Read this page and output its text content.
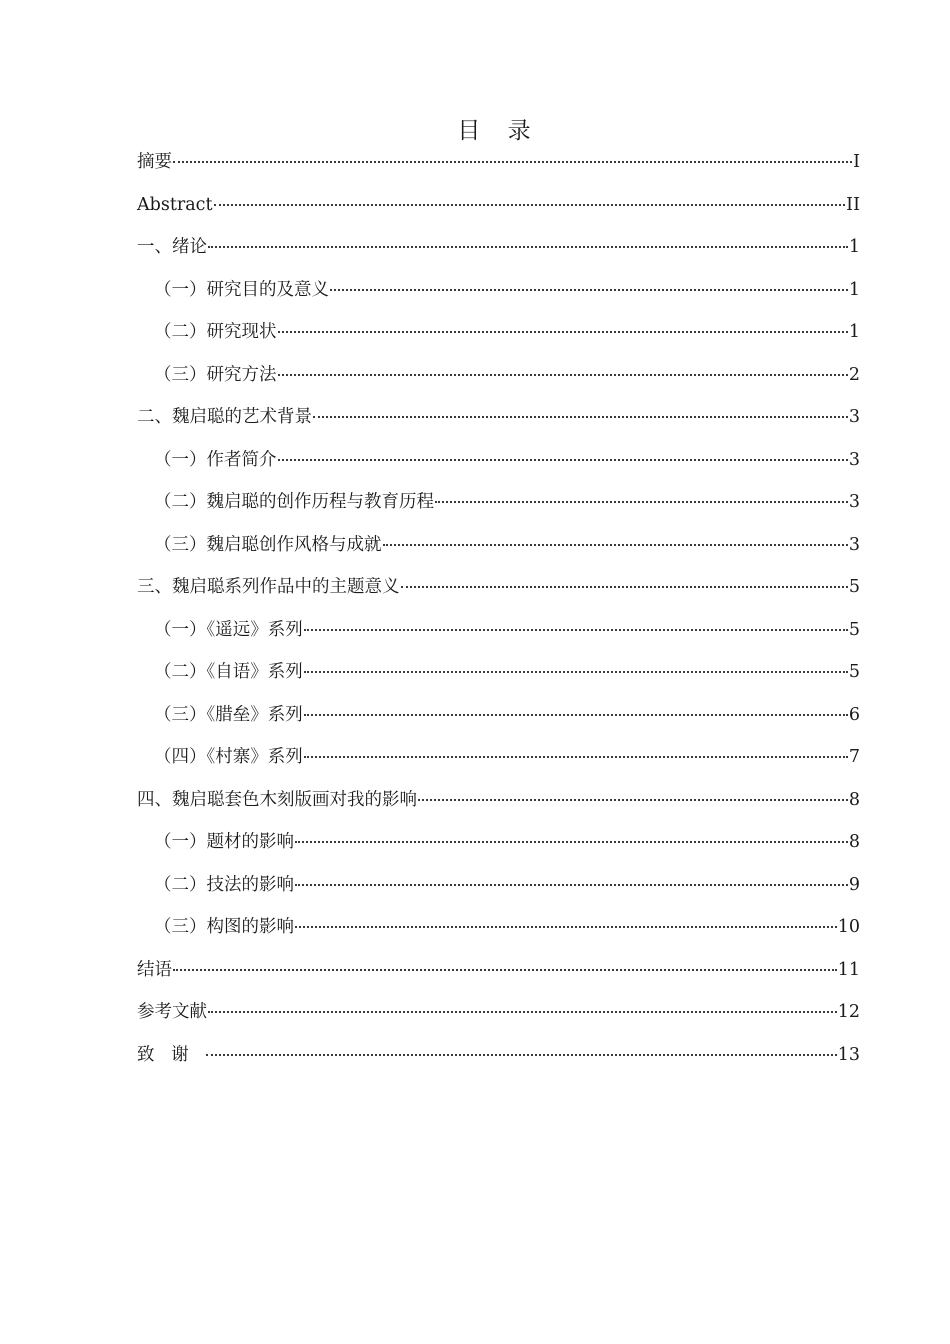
目 录
摘要	I
Abstract	II
一、绪论	1
（一）研究目的及意义	1
（二）研究现状	1
（三）研究方法	2
二、魏启聪的艺术背景	3
（一）作者简介	3
（二）魏启聪的创作历程与教育历程	3
（三）魏启聪创作风格与成就	3
三、魏启聪系列作品中的主题意义	5
（一）《遥远》系列	5
（二）《自语》系列	5
（三）《腊垒》系列	6
（四）《村寨》系列	7
四、魏启聪套色木刻版画对我的影响	8
（一）题材的影响	8
（二）技法的影响	9
（三）构图的影响	10
结语	11
参考文献	12
致谢	13
